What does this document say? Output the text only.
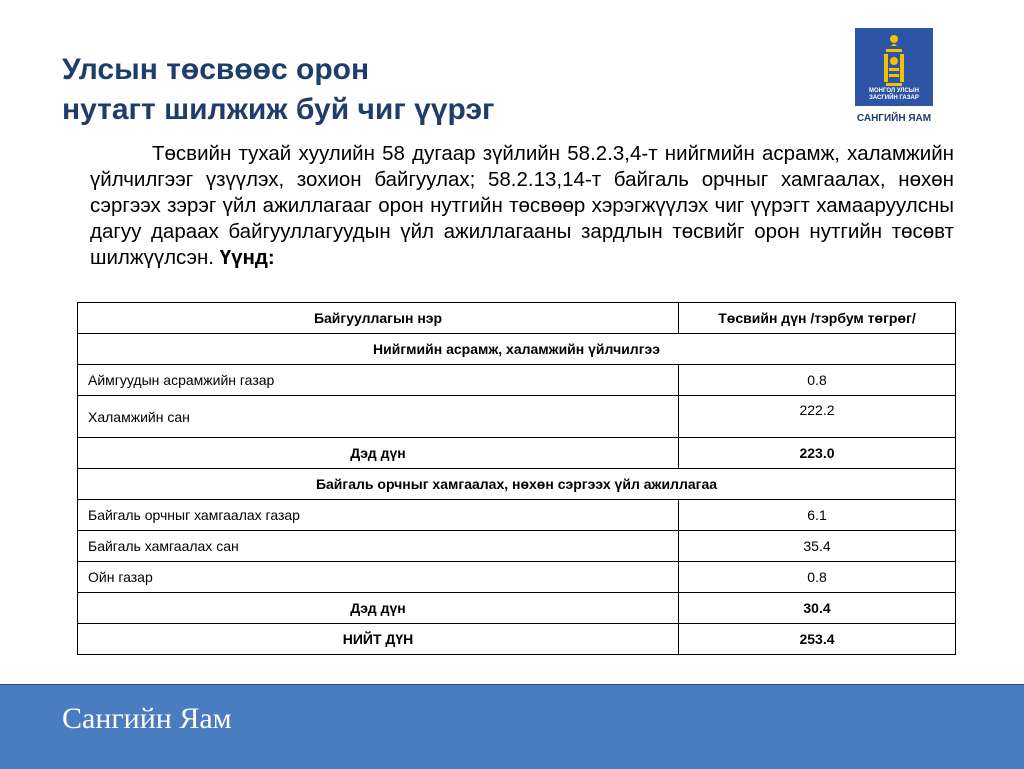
Улсын төсвөөс орон
нутагт шилжиж буй чиг үүрэг
МОНГОЛ УЛСЫН
ЗАСГИЙН ГАЗАР
САНГИЙН ЯАМ
Төсвийн тухай хуулийн 58 дугаар зүйлийн 58.2.3,4-т нийгмийн асрамж, халамжийн үйлчилгээг үзүүлэх, зохион байгуулах; 58.2.13,14-т байгаль орчныг хамгаалах, нөхөн сэргээх зэрэг үйл ажиллагааг орон нутгийн төсвөөр хэрэгжүүлэх чиг үүрэгт хамааруулсны дагуу дараах байгууллагуудын үйл ажиллагааны зардлын төсвийг орон нутгийн төсөвт шилжүүлсэн. Үүнд:
Байгууллагын нэр	Төсвийн дүн /тэрбум төгрөг/
Нийгмийн асрамж, халамжийн үйлчилгээ	
Аймгуудын асрамжийн газар	0.8
Халамжийн сан	222.2
Дэд дүн	223.0
Байгаль орчныг хамгаалах, нөхөн сэргээх үйл ажиллагаа	
Байгаль орчныг хамгаалах газар	6.1
Байгаль хамгаалах сан	35.4
Ойн газар	0.8
Дэд дүн	30.4
НИЙТ ДҮН	253.4
Сангийн Яам
